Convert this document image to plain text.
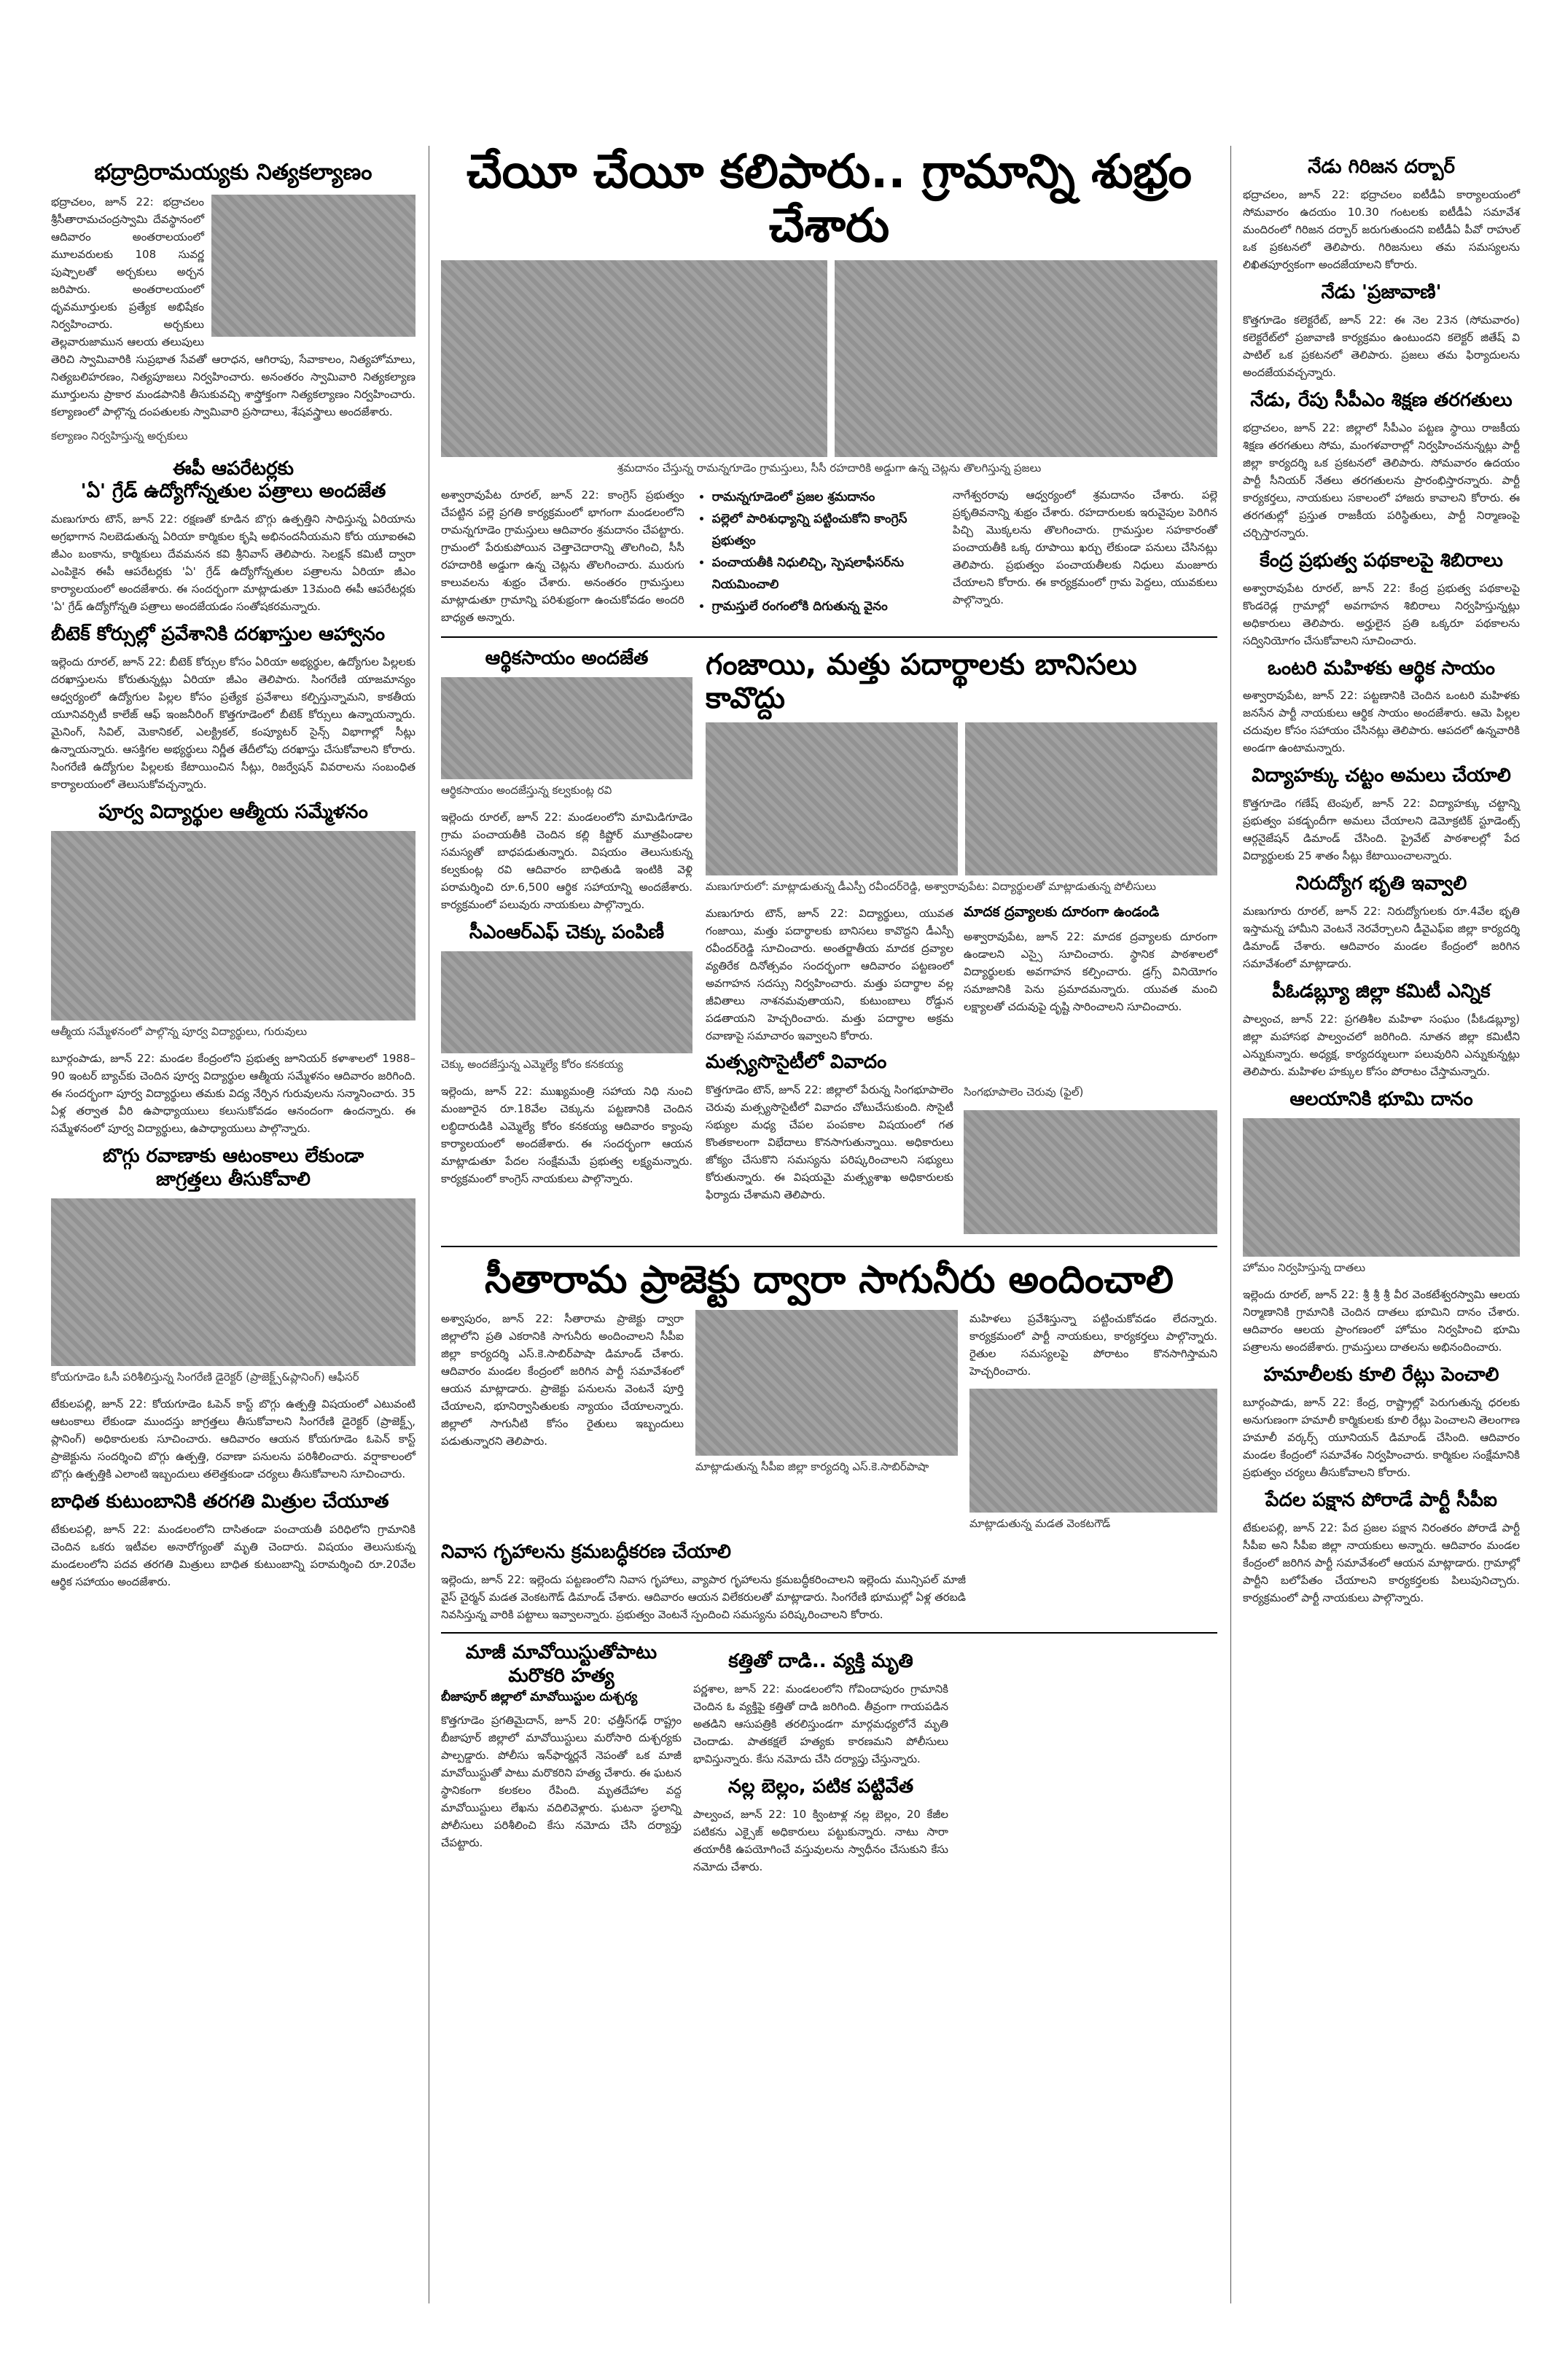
భద్రాద్రిరామయ్యకు నిత్యకల్యాణం

భద్రాచలం, జూన్ 22: భద్రాచలం శ్రీసీతారామచంద్రస్వామి దేవస్థానంలో ఆదివారం అంతరాలయంలో మూలవరులకు 108 సువర్ణ పుష్పాలతో అర్చకులు అర్చన జరిపారు. అంతరాలయంలో ధృవమూర్తులకు ప్రత్యేక అభిషేకం నిర్వహించారు. అర్చకులు తెల్లవారుజామున ఆలయ తలుపులు తెరిచి స్వామివారికి సుప్రభాత సేవతో ఆరాధన, ఆగిరాపు, సేవాకాలం, నిత్యహోమాలు, నిత్యబలిహరణం, నిత్యపూజలు నిర్వహించారు. అనంతరం స్వామివారి నిత్యకల్యాణ మూర్తులను ప్రాకార మండపానికి తీసుకువచ్చి శాస్త్రోక్తంగా నిత్యకల్యాణం నిర్వహించారు. కల్యాణంలో పాల్గొన్న దంపతులకు స్వామివారి ప్రసాదాలు, శేషవస్త్రాలు అందజేశారు.

కల్యాణం నిర్వహిస్తున్న అర్చకులు
ఈపీ ఆపరేటర్లకు
'ఏ' గ్రేడ్ ఉద్యోగోన్నతుల పత్రాలు అందజేత

మణుగూరు టౌన్, జూన్ 22: రక్షణతో కూడిన బొగ్గు ఉత్పత్తిని సాధిస్తున్న ఏరియాను అగ్రభాగాన నిలబెడుతున్న ఏరియా కార్మికుల కృషి అభినందనీయమని కోరు యూఐఈవి జీఎం బంకాను, కార్మికులు దేవమనన కవి శ్రీనివాస్ తెలిపారు. సెలక్షన్ కమిటీ ద్వారా ఎంపికైన ఈపీ ఆపరేటర్లకు 'ఏ' గ్రేడ్ ఉద్యోగోన్నతుల పత్రాలను ఏరియా జీఎం కార్యాలయంలో అందజేశారు. ఈ సందర్భంగా మాట్లాడుతూ 13మంది ఈపీ ఆపరేటర్లకు 'ఏ' గ్రేడ్ ఉద్యోగోన్నతి పత్రాలు అందజేయడం సంతోషకరమన్నారు.

బీటెక్ కోర్సుల్లో ప్రవేశానికి దరఖాస్తుల ఆహ్వానం

ఇల్లెందు రూరల్, జూన్ 22: బీటెక్ కోర్సుల కోసం ఏరియా అభ్యర్థుల, ఉద్యోగుల పిల్లలకు దరఖాస్తులను కోరుతున్నట్లు ఏరియా జీఎం తెలిపారు. సింగరేణి యాజమాన్యం ఆధ్వర్యంలో ఉద్యోగుల పిల్లల కోసం ప్రత్యేక ప్రవేశాలు కల్పిస్తున్నామని, కాకతీయ యూనివర్సిటీ కాలేజ్ ఆఫ్ ఇంజనీరింగ్ కొత్తగూడెంలో బీటెక్ కోర్సులు ఉన్నాయన్నారు. మైనింగ్, సివిల్, మెకానికల్, ఎలక్ట్రికల్, కంప్యూటర్ సైన్స్ విభాగాల్లో సీట్లు ఉన్నాయన్నారు. ఆసక్తిగల అభ్యర్థులు నిర్ణీత తేదీలోపు దరఖాస్తు చేసుకోవాలని కోరారు. సింగరేణి ఉద్యోగుల పిల్లలకు కేటాయించిన సీట్లు, రిజర్వేషన్ వివరాలను సంబంధిత కార్యాలయంలో తెలుసుకోవచ్చన్నారు.

పూర్వ విద్యార్థుల ఆత్మీయ సమ్మేళనం
ఆత్మీయ సమ్మేళనంలో పాల్గొన్న పూర్వ విద్యార్థులు, గురువులు

బూర్గంపాడు, జూన్ 22: మండల కేంద్రంలోని ప్రభుత్వ జూనియర్ కళాశాలలో 1988–90 ఇంటర్ బ్యాచ్‌కు చెందిన పూర్వ విద్యార్థుల ఆత్మీయ సమ్మేళనం ఆదివారం జరిగింది. ఈ సందర్భంగా పూర్వ విద్యార్థులు తమకు విద్య నేర్పిన గురువులను సన్మానించారు. 35 ఏళ్ల తర్వాత వీరి ఉపాధ్యాయులు కలుసుకోవడం ఆనందంగా ఉందన్నారు. ఈ సమ్మేళనంలో పూర్వ విద్యార్థులు, ఉపాధ్యాయులు పాల్గొన్నారు.

బొగ్గు రవాణాకు ఆటంకాలు లేకుండా
జాగ్రత్తలు తీసుకోవాలి
కోయగూడెం ఓసీ పరిశీలిస్తున్న సింగరేణి డైరెక్టర్ (ప్రాజెక్ట్స్&ప్లానింగ్) ఆఫీసర్

టేకులపల్లి, జూన్ 22: కోయగూడెం ఓపెన్ కాస్ట్ బొగ్గు ఉత్పత్తి విషయంలో ఎటువంటి ఆటంకాలు లేకుండా ముందస్తు జాగ్రత్తలు తీసుకోవాలని సింగరేణి డైరెక్టర్ (ప్రాజెక్ట్స్, ప్లానింగ్) అధికారులకు సూచించారు. ఆదివారం ఆయన కోయగూడెం ఓపెన్ కాస్ట్ ప్రాజెక్టును సందర్శించి బొగ్గు ఉత్పత్తి, రవాణా పనులను పరిశీలించారు. వర్షాకాలంలో బొగ్గు ఉత్పత్తికి ఎలాంటి ఇబ్బందులు తలెత్తకుండా చర్యలు తీసుకోవాలని సూచించారు.

బాధిత కుటుంబానికి తరగతి మిత్రుల చేయూత

టేకులపల్లి, జూన్ 22: మండలంలోని దాసితండా పంచాయతీ పరిధిలోని గ్రామానికి చెందిన ఒకరు ఇటీవల అనారోగ్యంతో మృతి చెందారు. విషయం తెలుసుకున్న మండలంలోని పదవ తరగతి మిత్రులు బాధిత కుటుంబాన్ని పరామర్శించి రూ.20వేల ఆర్థిక సహాయం అందజేశారు.

చేయీ చేయీ కలిపారు.. గ్రామాన్ని శుభ్రం చేశారు
శ్రమదానం చేస్తున్న రామన్నగూడెం గ్రామస్తులు, సీసీ రహదారికి అడ్డుగా ఉన్న చెట్లను తొలగిస్తున్న ప్రజలు

అశ్వారావుపేట రూరల్, జూన్ 22: కాంగ్రెస్ ప్రభుత్వం చేపట్టిన పల్లె ప్రగతి కార్యక్రమంలో భాగంగా మండలంలోని రామన్నగూడెం గ్రామస్తులు ఆదివారం శ్రమదానం చేపట్టారు. గ్రామంలో పేరుకుపోయిన చెత్తాచెదారాన్ని తొలగించి, సీసీ రహదారికి అడ్డుగా ఉన్న చెట్లను తొలగించారు. మురుగు కాలువలను శుభ్రం చేశారు. అనంతరం గ్రామస్తులు మాట్లాడుతూ గ్రామాన్ని పరిశుభ్రంగా ఉంచుకోవడం అందరి బాధ్యత అన్నారు.

• రామన్నగూడెంలో ప్రజల శ్రమదానం
• పల్లెలో పారిశుధ్యాన్ని పట్టించుకోని కాంగ్రెస్ ప్రభుత్వం
• పంచాయతీకి నిధులిచ్చి, స్పెషలాఫీసర్‌ను నియమించాలి
• గ్రామస్తులే రంగంలోకి దిగుతున్న వైనం

నాగేశ్వరరావు ఆధ్వర్యంలో శ్రమదానం చేశారు. పల్లె ప్రకృతివనాన్ని శుభ్రం చేశారు. రహదారులకు ఇరువైపుల పెరిగిన పిచ్చి మొక్కలను తొలగించారు. గ్రామస్తుల సహకారంతో పంచాయతీకి ఒక్క రూపాయి ఖర్చు లేకుండా పనులు చేసినట్లు తెలిపారు. ప్రభుత్వం పంచాయతీలకు నిధులు మంజూరు చేయాలని కోరారు. ఈ కార్యక్రమంలో గ్రామ పెద్దలు, యువకులు పాల్గొన్నారు.

ఆర్థికసాయం అందజేత
ఆర్థికసాయం అందజేస్తున్న కల్వకుంట్ల రవి

ఇల్లెందు రూరల్, జూన్ 22: మండలంలోని మామిడిగూడెం గ్రామ పంచాయతీకి చెందిన కల్లి కిష్టోర్ మూత్రపిండాల సమస్యతో బాధపడుతున్నారు. విషయం తెలుసుకున్న కల్వకుంట్ల రవి ఆదివారం బాధితుడి ఇంటికి వెళ్లి పరామర్శించి రూ.6,500 ఆర్థిక సహాయాన్ని అందజేశారు. కార్యక్రమంలో పలువురు నాయకులు పాల్గొన్నారు.

సీఎంఆర్ఎఫ్ చెక్కు పంపిణీ
చెక్కు అందజేస్తున్న ఎమ్మెల్యే కోరం కనకయ్య

ఇల్లెందు, జూన్ 22: ముఖ్యమంత్రి సహాయ నిధి నుంచి మంజూరైన రూ.18వేల చెక్కును పట్టణానికి చెందిన లబ్ధిదారుడికి ఎమ్మెల్యే కోరం కనకయ్య ఆదివారం క్యాంపు కార్యాలయంలో అందజేశారు. ఈ సందర్భంగా ఆయన మాట్లాడుతూ పేదల సంక్షేమమే ప్రభుత్వ లక్ష్యమన్నారు. కార్యక్రమంలో కాంగ్రెస్ నాయకులు పాల్గొన్నారు.

గంజాయి, మత్తు పదార్థాలకు బానిసలు కావొద్దు
మణుగూరులో: మాట్లాడుతున్న డీఎస్పీ రవీందర్‌రెడ్డి, అశ్వారావుపేట: విద్యార్థులతో మాట్లాడుతున్న పోలీసులు

మణుగూరు టౌన్, జూన్ 22: విద్యార్థులు, యువత గంజాయి, మత్తు పదార్థాలకు బానిసలు కావొద్దని డీఎస్పీ రవీందర్‌రెడ్డి సూచించారు. అంతర్జాతీయ మాదక ద్రవ్యాల వ్యతిరేక దినోత్సవం సందర్భంగా ఆదివారం పట్టణంలో అవగాహన సదస్సు నిర్వహించారు. మత్తు పదార్థాల వల్ల జీవితాలు నాశనమవుతాయని, కుటుంబాలు రోడ్డున పడతాయని హెచ్చరించారు. మత్తు పదార్థాల అక్రమ రవాణాపై సమాచారం ఇవ్వాలని కోరారు.

మాదక ద్రవ్యాలకు దూరంగా ఉండండి

అశ్వారావుపేట, జూన్ 22: మాదక ద్రవ్యాలకు దూరంగా ఉండాలని ఎస్సై సూచించారు. స్థానిక పాఠశాలలో విద్యార్థులకు అవగాహన కల్పించారు. డ్రగ్స్ వినియోగం సమాజానికి పెను ప్రమాదమన్నారు. యువత మంచి లక్ష్యాలతో చదువుపై దృష్టి సారించాలని సూచించారు.

మత్స్యసొసైటీలో వివాదం

కొత్తగూడెం టౌన్, జూన్ 22: జిల్లాలో పేరున్న సింగభూపాలెం చెరువు మత్స్యసొసైటీలో వివాదం చోటుచేసుకుంది. సొసైటీ సభ్యుల మధ్య చేపల పంపకాల విషయంలో గత కొంతకాలంగా విభేదాలు కొనసాగుతున్నాయి. అధికారులు జోక్యం చేసుకొని సమస్యను పరిష్కరించాలని సభ్యులు కోరుతున్నారు. ఈ విషయమై మత్స్యశాఖ అధికారులకు ఫిర్యాదు చేశామని తెలిపారు.

సింగభూపాలెం చెరువు (ఫైల్)
సీతారామ ప్రాజెక్టు ద్వారా సాగునీరు అందించాలి

అశ్వాపురం, జూన్ 22: సీతారామ ప్రాజెక్టు ద్వారా జిల్లాలోని ప్రతి ఎకరానికి సాగునీరు అందించాలని సీపీఐ జిల్లా కార్యదర్శి ఎస్.కె.సాబిర్‌పాషా డిమాండ్ చేశారు. ఆదివారం మండల కేంద్రంలో జరిగిన పార్టీ సమావేశంలో ఆయన మాట్లాడారు. ప్రాజెక్టు పనులను వెంటనే పూర్తి చేయాలని, భూనిర్వాసితులకు న్యాయం చేయాలన్నారు. జిల్లాలో సాగునీటి కోసం రైతులు ఇబ్బందులు పడుతున్నారని తెలిపారు.

మాట్లాడుతున్న సీపీఐ జిల్లా కార్యదర్శి ఎస్.కె.సాబిర్‌పాషా

మహిళలు ప్రవేశిస్తున్నా పట్టించుకోవడం లేదన్నారు. కార్యక్రమంలో పార్టీ నాయకులు, కార్యకర్తలు పాల్గొన్నారు. రైతుల సమస్యలపై పోరాటం కొనసాగిస్తామని హెచ్చరించారు.

మాట్లాడుతున్న మడత వెంకటగౌడ్
నివాస గృహాలను క్రమబద్ధీకరణ చేయాలి

ఇల్లెందు, జూన్ 22: ఇల్లెందు పట్టణంలోని నివాస గృహాలు, వ్యాపార గృహాలను క్రమబద్ధీకరించాలని ఇల్లెందు మున్సిపల్ మాజీ వైస్ చైర్మన్ మడత వెంకటగౌడ్ డిమాండ్ చేశారు. ఆదివారం ఆయన విలేకరులతో మాట్లాడారు. సింగరేణి భూముల్లో ఏళ్ల తరబడి నివసిస్తున్న వారికి పట్టాలు ఇవ్వాలన్నారు. ప్రభుత్వం వెంటనే స్పందించి సమస్యను పరిష్కరించాలని కోరారు.

మాజీ మావోయిస్టుతోపాటు
మరొకరి హత్య
బీజాపూర్ జిల్లాలో మావోయిస్టుల దుశ్చర్య

కొత్తగూడెం ప్రగతిమైదాన్, జూన్ 20: ఛత్తీస్‌గఢ్ రాష్ట్రం బీజాపూర్ జిల్లాలో మావోయిస్టులు మరోసారి దుశ్చర్యకు పాల్పడ్డారు. పోలీసు ఇన్‌ఫార్మర్లనే నెపంతో ఒక మాజీ మావోయిస్టుతో పాటు మరొకరిని హత్య చేశారు. ఈ ఘటన స్థానికంగా కలకలం రేపింది. మృతదేహాల వద్ద మావోయిస్టులు లేఖను వదిలివెళ్లారు. ఘటనా స్థలాన్ని పోలీసులు పరిశీలించి కేసు నమోదు చేసి దర్యాప్తు చేపట్టారు.

కత్తితో దాడి.. వ్యక్తి మృతి

పర్ణశాల, జూన్ 22: మండలంలోని గోవిందాపురం గ్రామానికి చెందిన ఓ వ్యక్తిపై కత్తితో దాడి జరిగింది. తీవ్రంగా గాయపడిన అతడిని ఆసుపత్రికి తరలిస్తుండగా మార్గమధ్యలోనే మృతి చెందాడు. పాతకక్షలే హత్యకు కారణమని పోలీసులు భావిస్తున్నారు. కేసు నమోదు చేసి దర్యాప్తు చేస్తున్నారు.

నల్ల బెల్లం, పటిక పట్టివేత

పాల్వంచ, జూన్ 22: 10 క్వింటాళ్ల నల్ల బెల్లం, 20 కేజీల పటికను ఎక్సైజ్ అధికారులు పట్టుకున్నారు. నాటు సారా తయారీకి ఉపయోగించే వస్తువులను స్వాధీనం చేసుకుని కేసు నమోదు చేశారు.

నేడు గిరిజన దర్బార్

భద్రాచలం, జూన్ 22: భద్రాచలం ఐటీడీఏ కార్యాలయంలో సోమవారం ఉదయం 10.30 గంటలకు ఐటీడీఏ సమావేశ మందిరంలో గిరిజన దర్బార్ జరుగుతుందని ఐటీడీఏ పీవో రాహుల్ ఒక ప్రకటనలో తెలిపారు. గిరిజనులు తమ సమస్యలను లిఖితపూర్వకంగా అందజేయాలని కోరారు.

నేడు 'ప్రజావాణి'

కొత్తగూడెం కలెక్టరేట్, జూన్ 22: ఈ నెల 23న (సోమవారం) కలెక్టరేట్‌లో ప్రజావాణి కార్యక్రమం ఉంటుందని కలెక్టర్ జితేష్ వి పాటిల్ ఒక ప్రకటనలో తెలిపారు. ప్రజలు తమ ఫిర్యాదులను అందజేయవచ్చన్నారు.

నేడు, రేపు సీపీఎం శిక్షణ తరగతులు

భద్రాచలం, జూన్ 22: జిల్లాలో సీపీఎం పట్టణ స్థాయి రాజకీయ శిక్షణ తరగతులు సోమ, మంగళవారాల్లో నిర్వహించనున్నట్లు పార్టీ జిల్లా కార్యదర్శి ఒక ప్రకటనలో తెలిపారు. సోమవారం ఉదయం పార్టీ సీనియర్ నేతలు తరగతులను ప్రారంభిస్తారన్నారు. పార్టీ కార్యకర్తలు, నాయకులు సకాలంలో హాజరు కావాలని కోరారు. ఈ తరగతుల్లో ప్రస్తుత రాజకీయ పరిస్థితులు, పార్టీ నిర్మాణంపై చర్చిస్తారన్నారు.

కేంద్ర ప్రభుత్వ పథకాలపై శిబిరాలు

అశ్వారావుపేట రూరల్, జూన్ 22: కేంద్ర ప్రభుత్వ పథకాలపై కొండరెడ్ల గ్రామాల్లో అవగాహన శిబిరాలు నిర్వహిస్తున్నట్లు అధికారులు తెలిపారు. అర్హులైన ప్రతి ఒక్కరూ పథకాలను సద్వినియోగం చేసుకోవాలని సూచించారు.

ఒంటరి మహిళకు ఆర్థిక సాయం

అశ్వారావుపేట, జూన్ 22: పట్టణానికి చెందిన ఒంటరి మహిళకు జనసేన పార్టీ నాయకులు ఆర్థిక సాయం అందజేశారు. ఆమె పిల్లల చదువుల కోసం సహాయం చేసినట్లు తెలిపారు. ఆపదలో ఉన్నవారికి అండగా ఉంటామన్నారు.

విద్యాహక్కు చట్టం అమలు చేయాలి

కొత్తగూడెం గణేష్ టెంపుల్, జూన్ 22: విద్యాహక్కు చట్టాన్ని ప్రభుత్వం పకడ్బందీగా అమలు చేయాలని డెమోక్రటిక్ స్టూడెంట్స్ ఆర్గనైజేషన్ డిమాండ్ చేసింది. ప్రైవేట్ పాఠశాలల్లో పేద విద్యార్థులకు 25 శాతం సీట్లు కేటాయించాలన్నారు.

నిరుద్యోగ భృతి ఇవ్వాలి

మణుగూరు రూరల్, జూన్ 22: నిరుద్యోగులకు రూ.4వేల భృతి ఇస్తామన్న హామీని వెంటనే నెరవేర్చాలని డీవైఎఫ్ఐ జిల్లా కార్యదర్శి డిమాండ్ చేశారు. ఆదివారం మండల కేంద్రంలో జరిగిన సమావేశంలో మాట్లాడారు.

పీఓడబ్ల్యూ జిల్లా కమిటీ ఎన్నిక

పాల్వంచ, జూన్ 22: ప్రగతిశీల మహిళా సంఘం (పీఓడబ్ల్యూ) జిల్లా మహాసభ పాల్వంచలో జరిగింది. నూతన జిల్లా కమిటీని ఎన్నుకున్నారు. అధ్యక్ష, కార్యదర్శులుగా పలువురిని ఎన్నుకున్నట్లు తెలిపారు. మహిళల హక్కుల కోసం పోరాటం చేస్తామన్నారు.

ఆలయానికి భూమి దానం
హోమం నిర్వహిస్తున్న దాతలు

ఇల్లెందు రూరల్, జూన్ 22: శ్రీ శ్రీ శ్రీ వీర వెంకటేశ్వరస్వామి ఆలయ నిర్మాణానికి గ్రామానికి చెందిన దాతలు భూమిని దానం చేశారు. ఆదివారం ఆలయ ప్రాంగణంలో హోమం నిర్వహించి భూమి పత్రాలను అందజేశారు. గ్రామస్తులు దాతలను అభినందించారు.

హమాలీలకు కూలి రేట్లు పెంచాలి

బూర్గంపాడు, జూన్ 22: కేంద్ర, రాష్ట్రాల్లో పెరుగుతున్న ధరలకు అనుగుణంగా హమాలీ కార్మికులకు కూలి రేట్లు పెంచాలని తెలంగాణ హమాలీ వర్కర్స్ యూనియన్ డిమాండ్ చేసింది. ఆదివారం మండల కేంద్రంలో సమావేశం నిర్వహించారు. కార్మికుల సంక్షేమానికి ప్రభుత్వం చర్యలు తీసుకోవాలని కోరారు.

పేదల పక్షాన పోరాడే పార్టీ సీపీఐ

టేకులపల్లి, జూన్ 22: పేద ప్రజల పక్షాన నిరంతరం పోరాడే పార్టీ సీపీఐ అని సీపీఐ జిల్లా నాయకులు అన్నారు. ఆదివారం మండల కేంద్రంలో జరిగిన పార్టీ సమావేశంలో ఆయన మాట్లాడారు. గ్రామాల్లో పార్టీని బలోపేతం చేయాలని కార్యకర్తలకు పిలుపునిచ్చారు. కార్యక్రమంలో పార్టీ నాయకులు పాల్గొన్నారు.
